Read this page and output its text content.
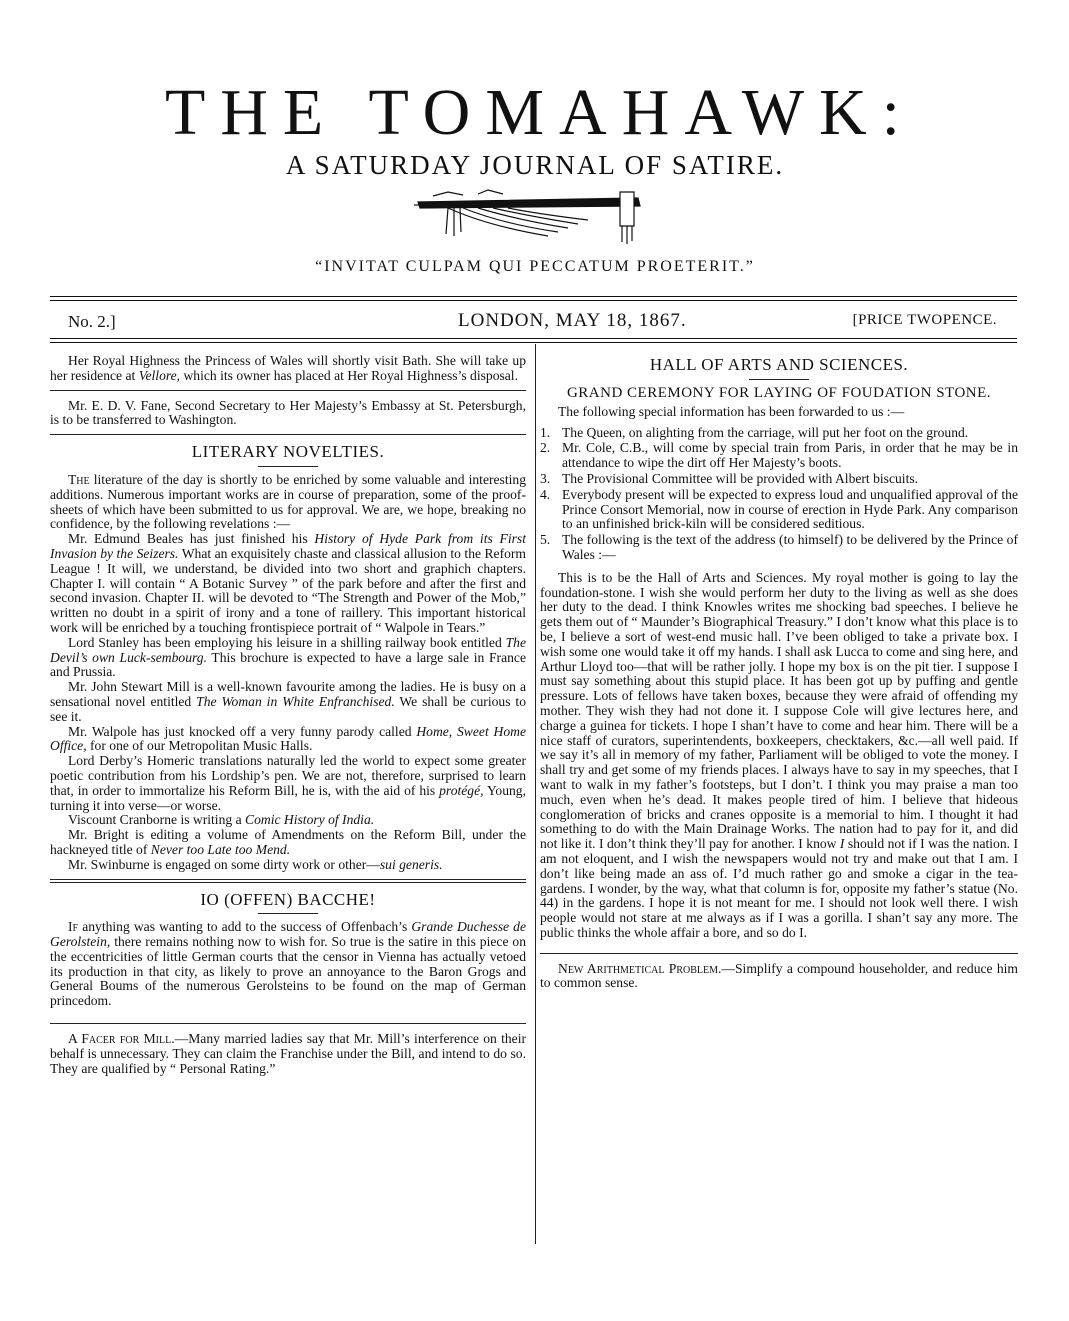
THE TOMAHAWK:
A SATURDAY JOURNAL OF SATIRE.
“INVITAT CULPAM QUI PECCATUM PROETERIT.”
No. 2.]	LONDON, MAY 18, 1867.	[PRICE TWOPENCE.

Her Royal Highness the Princess of Wales will shortly visit Bath. She will take up her residence at Vellore, which its owner has placed at Her Royal Highness’s disposal.

Mr. E. D. V. Fane, Second Secretary to Her Majesty’s Embassy at St. Petersburgh, is to be transferred to Washington.

LITERARY NOVELTIES.

The literature of the day is shortly to be enriched by some valuable and interesting additions. Numerous important works are in course of preparation, some of the proof-sheets of which have been submitted to us for approval. We are, we hope, breaking no confidence, by the following revelations :—

Mr. Edmund Beales has just finished his History of Hyde Park from its First Invasion by the Seizers. What an exquisitely chaste and classical allusion to the Reform League ! It will, we understand, be divided into two short and graphich chapters. Chapter I. will contain “ A Botanic Survey ” of the park before and after the first and second invasion. Chapter II. will be devoted to “The Strength and Power of the Mob,” written no doubt in a spirit of irony and a tone of raillery. This important historical work will be enriched by a touching frontispiece portrait of “ Walpole in Tears.”

Lord Stanley has been employing his leisure in a shilling railway book entitled The Devil’s own Luck-sembourg. This brochure is expected to have a large sale in France and Prussia.

Mr. John Stewart Mill is a well-known favourite among the ladies. He is busy on a sensational novel entitled The Woman in White Enfranchised. We shall be curious to see it.

Mr. Walpole has just knocked off a very funny parody called Home, Sweet Home Office, for one of our Metropolitan Music Halls.

Lord Derby’s Homeric translations naturally led the world to expect some greater poetic contribution from his Lordship’s pen. We are not, therefore, surprised to learn that, in order to immortalize his Reform Bill, he is, with the aid of his protégé, Young, turning it into verse—or worse.

Viscount Cranborne is writing a Comic History of India.

Mr. Bright is editing a volume of Amendments on the Reform Bill, under the hackneyed title of Never too Late too Mend.

Mr. Swinburne is engaged on some dirty work or other—sui generis.

IO (OFFEN) BACCHE!

If anything was wanting to add to the success of Offenbach’s Grande Duchesse de Gerolstein, there remains nothing now to wish for. So true is the satire in this piece on the eccentricities of little German courts that the censor in Vienna has actually vetoed its production in that city, as likely to prove an annoyance to the Baron Grogs and General Boums of the numerous Gerolsteins to be found on the map of German princedom.

A Facer for Mill.—Many married ladies say that Mr. Mill’s interference on their behalf is unnecessary. They can claim the Franchise under the Bill, and intend to do so. They are qualified by “ Personal Rating.”

HALL OF ARTS AND SCIENCES.
GRAND CEREMONY FOR LAYING OF FOUDATION STONE.

The following special information has been forwarded to us :—

1. The Queen, on alighting from the carriage, will put her foot on the ground.
2. Mr. Cole, C.B., will come by special train from Paris, in order that he may be in attendance to wipe the dirt off Her Majesty’s boots.
3. The Provisional Committee will be provided with Albert biscuits.
4. Everybody present will be expected to express loud and unqualified approval of the Prince Consort Memorial, now in course of erection in Hyde Park. Any comparison to an unfinished brick-kiln will be considered seditious.
5. The following is the text of the address (to himself) to be delivered by the Prince of Wales :—

This is to be the Hall of Arts and Sciences. My royal mother is going to lay the foundation-stone. I wish she would perform her duty to the living as well as she does her duty to the dead. I think Knowles writes me shocking bad speeches. I believe he gets them out of “ Maunder’s Biographical Treasury.” I don’t know what this place is to be, I believe a sort of west-end music hall. I’ve been obliged to take a private box. I wish some one would take it off my hands. I shall ask Lucca to come and sing here, and Arthur Lloyd too—that will be rather jolly. I hope my box is on the pit tier. I suppose I must say something about this stupid place. It has been got up by puffing and gentle pressure. Lots of fellows have taken boxes, because they were afraid of offending my mother. They wish they had not done it. I suppose Cole will give lectures here, and charge a guinea for tickets. I hope I shan’t have to come and hear him. There will be a nice staff of curators, superintendents, boxkeepers, checktakers, &c.—all well paid. If we say it’s all in memory of my father, Parliament will be obliged to vote the money. I shall try and get some of my friends places. I always have to say in my speeches, that I want to walk in my father’s footsteps, but I don’t. I think you may praise a man too much, even when he’s dead. It makes people tired of him. I believe that hideous conglomeration of bricks and cranes opposite is a memorial to him. I thought it had something to do with the Main Drainage Works. The nation had to pay for it, and did not like it. I don’t think they’ll pay for another. I know I should not if I was the nation. I am not eloquent, and I wish the newspapers would not try and make out that I am. I don’t like being made an ass of. I’d much rather go and smoke a cigar in the tea-gardens. I wonder, by the way, what that column is for, opposite my father’s statue (No. 44) in the gardens. I hope it is not meant for me. I should not look well there. I wish people would not stare at me always as if I was a gorilla. I shan’t say any more. The public thinks the whole affair a bore, and so do I.

New Arithmetical Problem.—Simplify a compound householder, and reduce him to common sense.
